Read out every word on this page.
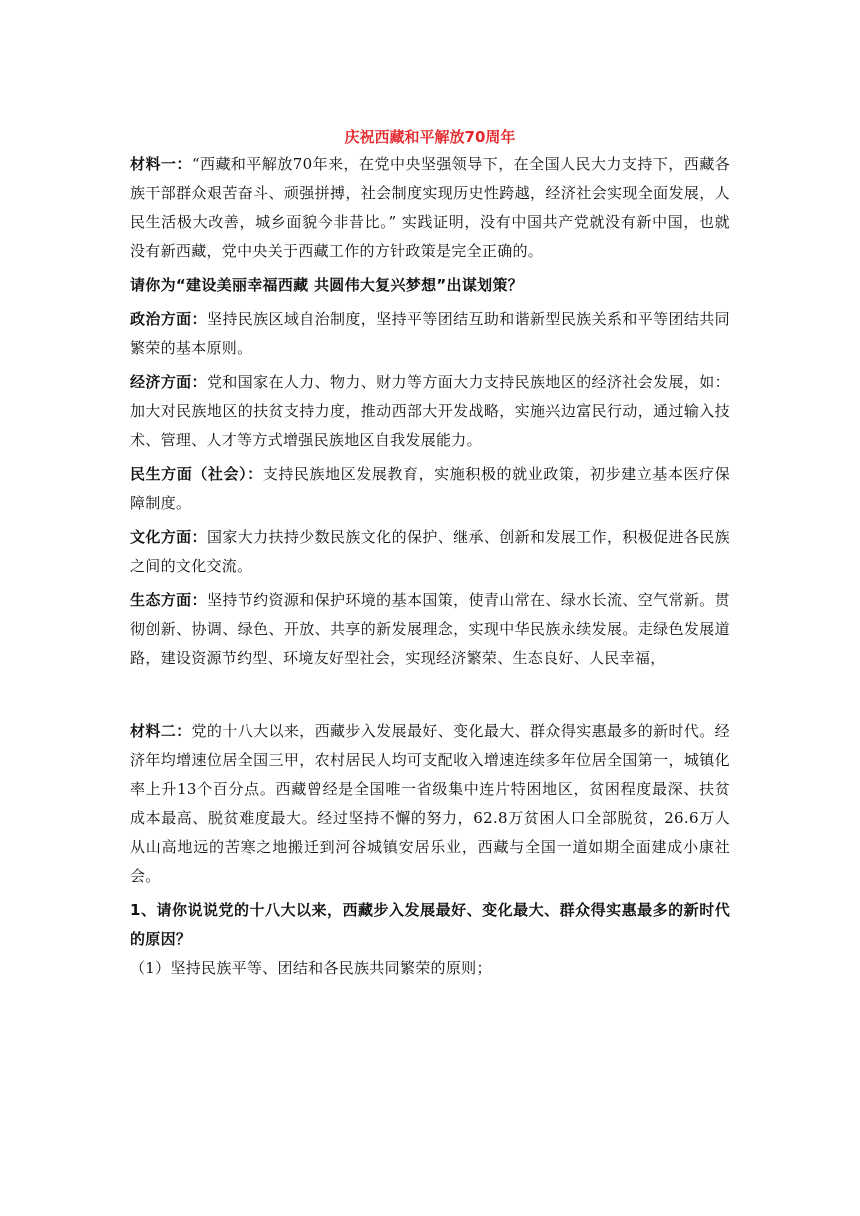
庆祝西藏和平解放70周年

材料一：“西藏和平解放70年来，在党中央坚强领导下，在全国人民大力支持下，西藏各族干部群众艰苦奋斗、顽强拼搏，社会制度实现历史性跨越，经济社会实现全面发展，人民生活极大改善，城乡面貌今非昔比。” 实践证明，没有中国共产党就没有新中国，也就没有新西藏，党中央关于西藏工作的方针政策是完全正确的。

请你为“建设美丽幸福西藏 共圆伟大复兴梦想”出谋划策？

政治方面：坚持民族区域自治制度，坚持平等团结互助和谐新型民族关系和平等团结共同繁荣的基本原则。

经济方面：党和国家在人力、物力、财力等方面大力支持民族地区的经济社会发展，如：加大对民族地区的扶贫支持力度，推动西部大开发战略，实施兴边富民行动，通过输入技术、管理、人才等方式增强民族地区自我发展能力。

民生方面（社会）：支持民族地区发展教育，实施积极的就业政策，初步建立基本医疗保障制度。

文化方面：国家大力扶持少数民族文化的保护、继承、创新和发展工作，积极促进各民族之间的文化交流。

生态方面：坚持节约资源和保护环境的基本国策，使青山常在、绿水长流、空气常新。贯彻创新、协调、绿色、开放、共享的新发展理念，实现中华民族永续发展。走绿色发展道路，建设资源节约型、环境友好型社会，实现经济繁荣、生态良好、人民幸福，

材料二：党的十八大以来，西藏步入发展最好、变化最大、群众得实惠最多的新时代。经济年均增速位居全国三甲，农村居民人均可支配收入增速连续多年位居全国第一，城镇化率上升13个百分点。西藏曾经是全国唯一省级集中连片特困地区，贫困程度最深、扶贫成本最高、脱贫难度最大。经过坚持不懈的努力，62.8万贫困人口全部脱贫，26.6万人从山高地远的苦寒之地搬迁到河谷城镇安居乐业，西藏与全国一道如期全面建成小康社会。

1、请你说说党的十八大以来，西藏步入发展最好、变化最大、群众得实惠最多的新时代的原因？

（1）坚持民族平等、团结和各民族共同繁荣的原则；
